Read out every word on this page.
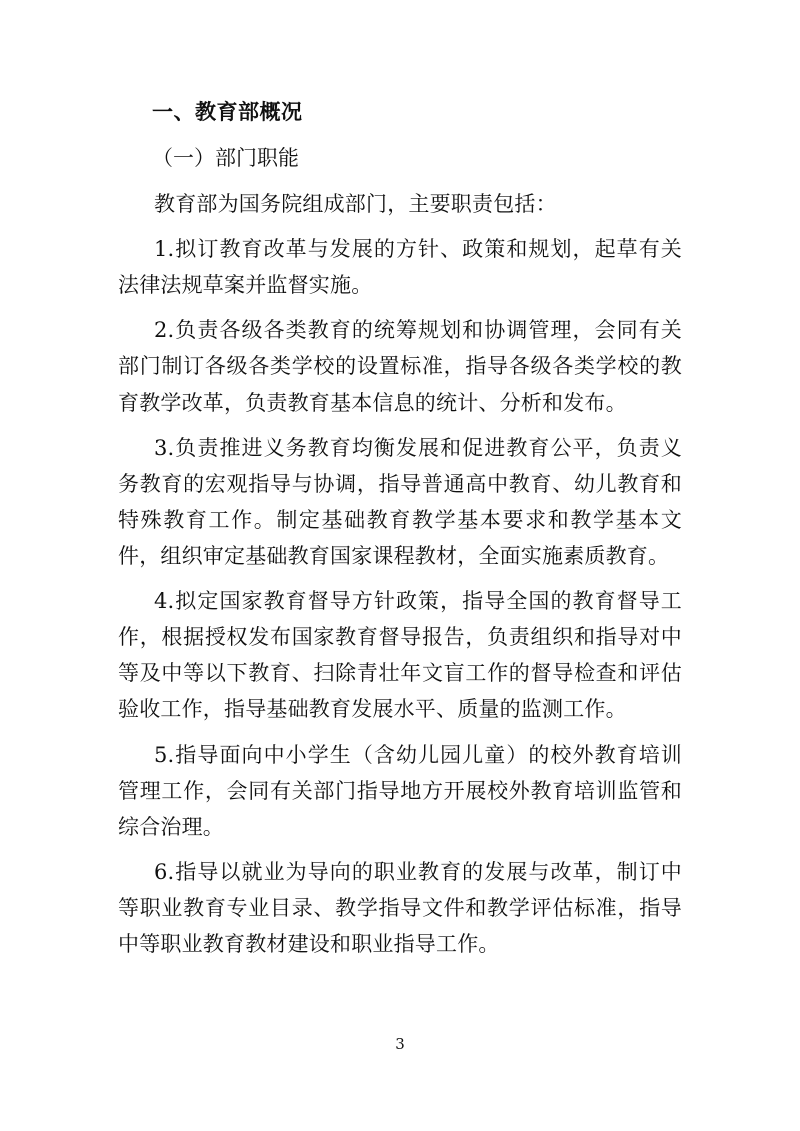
一、教育部概况
（一）部门职能

教育部为国务院组成部门，主要职责包括：

1.拟订教育改革与发展的方针、政策和规划，起草有关法律法规草案并监督实施。

2.负责各级各类教育的统筹规划和协调管理，会同有关部门制订各级各类学校的设置标准，指导各级各类学校的教育教学改革，负责教育基本信息的统计、分析和发布。

3.负责推进义务教育均衡发展和促进教育公平，负责义务教育的宏观指导与协调，指导普通高中教育、幼儿教育和特殊教育工作。制定基础教育教学基本要求和教学基本文件，组织审定基础教育国家课程教材，全面实施素质教育。

4.拟定国家教育督导方针政策，指导全国的教育督导工作，根据授权发布国家教育督导报告，负责组织和指导对中等及中等以下教育、扫除青壮年文盲工作的督导检查和评估验收工作，指导基础教育发展水平、质量的监测工作。

5.指导面向中小学生（含幼儿园儿童）的校外教育培训管理工作，会同有关部门指导地方开展校外教育培训监管和综合治理。

6.指导以就业为导向的职业教育的发展与改革，制订中等职业教育专业目录、教学指导文件和教学评估标准，指导中等职业教育教材建设和职业指导工作。

3
